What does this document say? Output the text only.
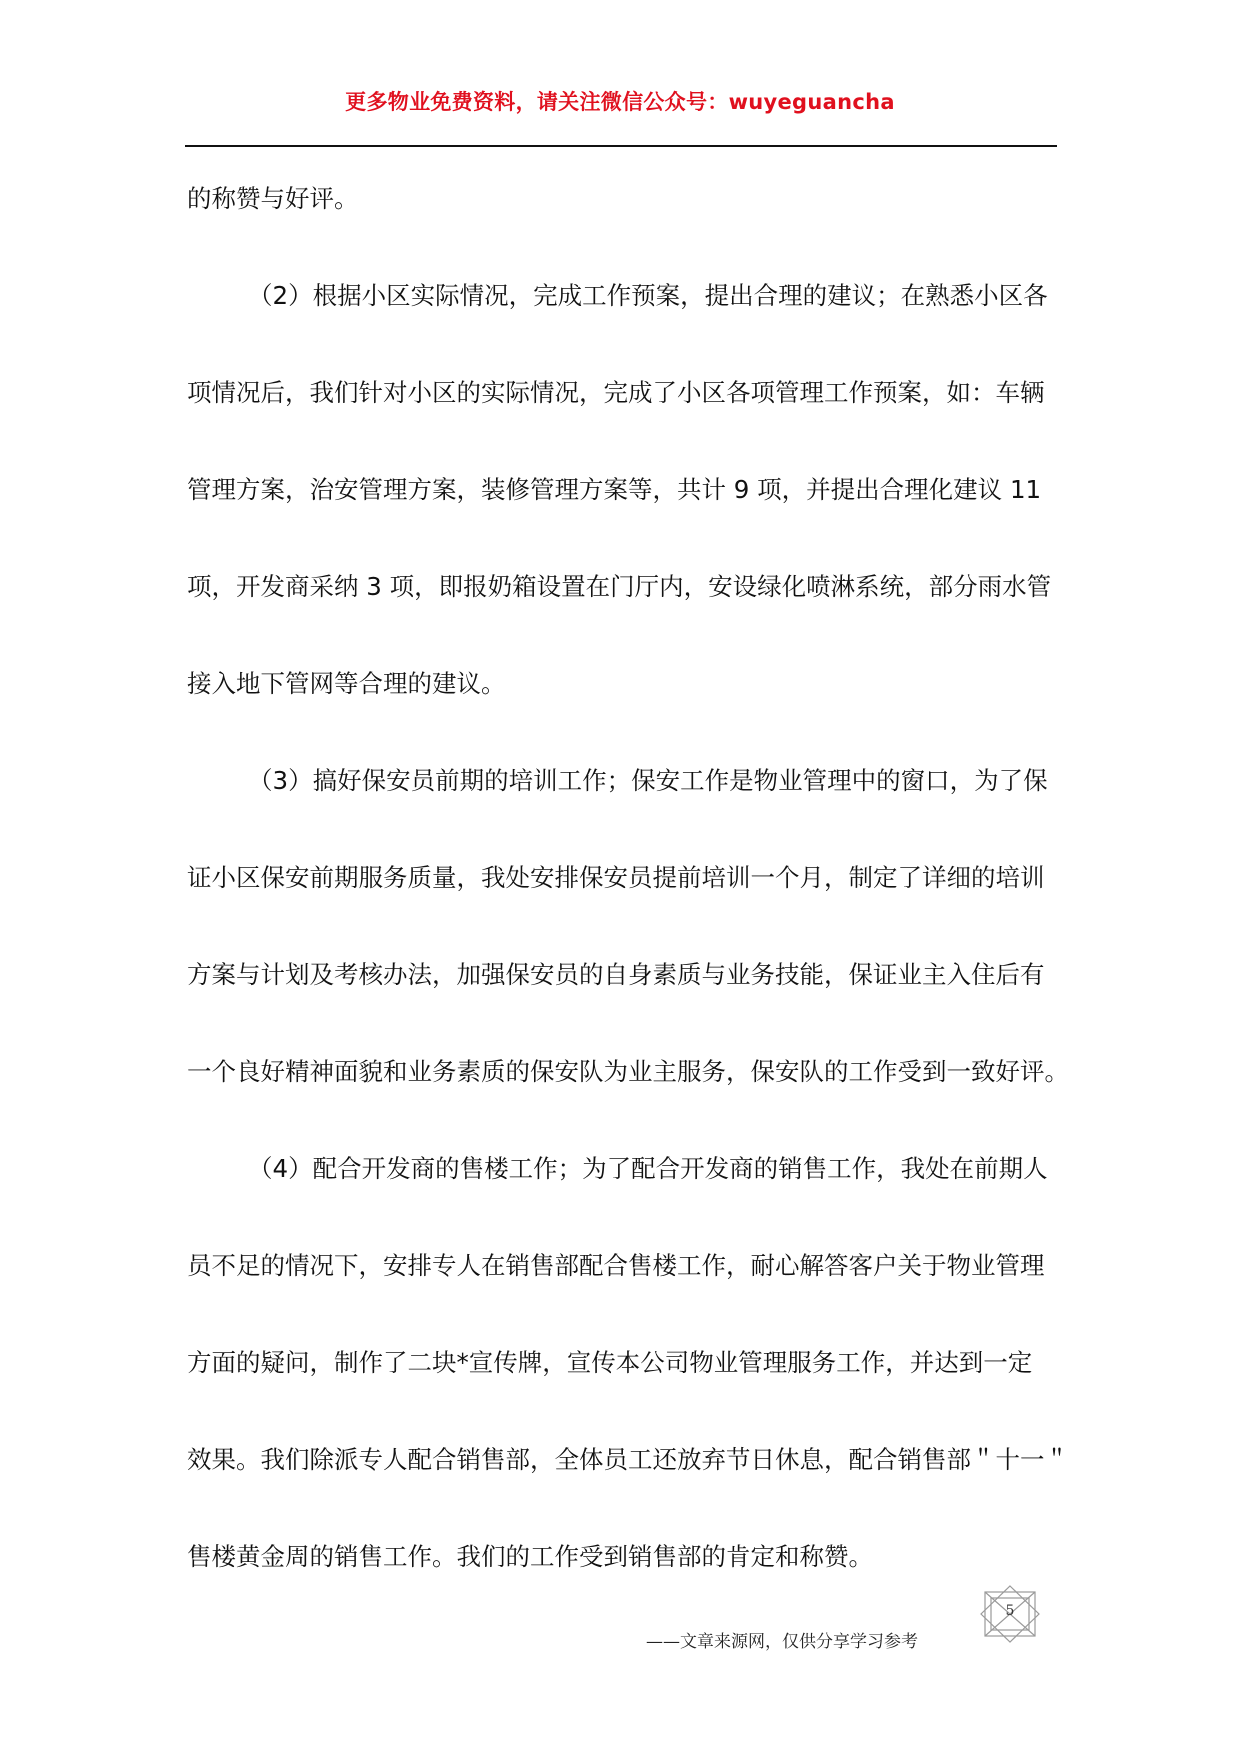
更多物业免费资料，请关注微信公众号：wuyeguancha
的称赞与好评。
（2）根据小区实际情况，完成工作预案，提出合理的建议；在熟悉小区各
项情况后，我们针对小区的实际情况，完成了小区各项管理工作预案，如：车辆
管理方案，治安管理方案，装修管理方案等，共计 9 项，并提出合理化建议 11
项，开发商采纳 3 项，即报奶箱设置在门厅内，安设绿化喷淋系统，部分雨水管
接入地下管网等合理的建议。
（3）搞好保安员前期的培训工作；保安工作是物业管理中的窗口，为了保
证小区保安前期服务质量，我处安排保安员提前培训一个月，制定了详细的培训
方案与计划及考核办法，加强保安员的自身素质与业务技能，保证业主入住后有
一个良好精神面貌和业务素质的保安队为业主服务，保安队的工作受到一致好评。
（4）配合开发商的售楼工作；为了配合开发商的销售工作，我处在前期人
员不足的情况下，安排专人在销售部配合售楼工作，耐心解答客户关于物业管理
方面的疑问，制作了二块*宣传牌，宣传本公司物业管理服务工作，并达到一定
效果。我们除派专人配合销售部，全体员工还放弃节日休息，配合销售部＂十一＂
售楼黄金周的销售工作。我们的工作受到销售部的肯定和称赞。
——文章来源网，仅供分享学习参考
5
